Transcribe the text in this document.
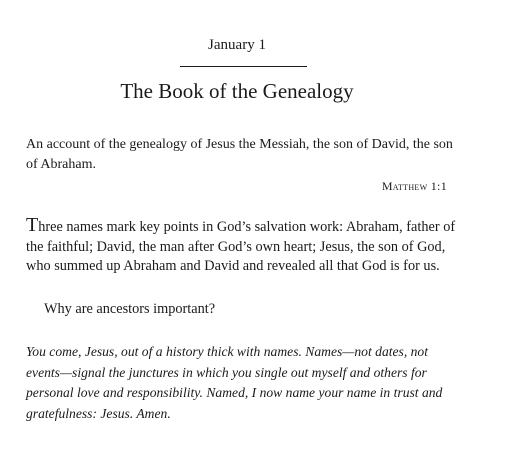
January 1
The Book of the Genealogy
An account of the genealogy of Jesus the Messiah, the son of David, the son of Abraham.
Matthew 1:1
Three names mark key points in God’s salvation work: Abraham, father of the faithful; David, the man after God’s own heart; Jesus, the son of God, who summed up Abraham and David and revealed all that God is for us.
Why are ancestors important?
You come, Jesus, out of a history thick with names. Names—not dates, not events—signal the junctures in which you single out myself and others for personal love and responsibility. Named, I now name your name in trust and gratefulness: Jesus. Amen.
